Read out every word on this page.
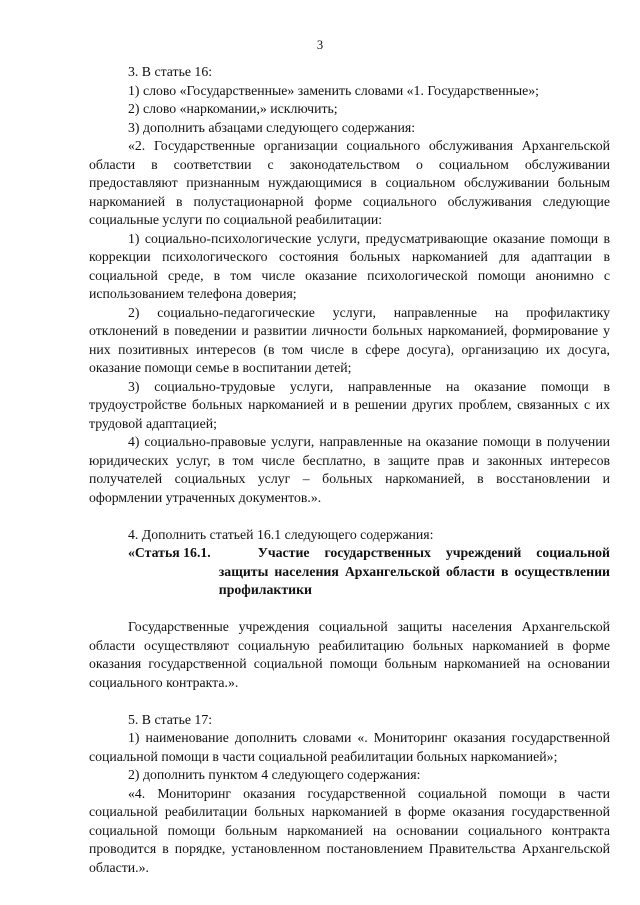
3

3. В статье 16:

1) слово «Государственные» заменить словами «1. Государственные»;

2) слово «наркомании,» исключить;

3) дополнить абзацами следующего содержания:

«2. Государственные организации социального обслуживания Архангельской области в соответствии с законодательством о социальном обслуживании предоставляют признанным нуждающимися в социальном обслуживании больным наркоманией в полустационарной форме социального обслуживания следующие социальные услуги по социальной реабилитации:

1) социально-психологические услуги, предусматривающие оказание помощи в коррекции психологического состояния больных наркоманией для адаптации в социальной среде, в том числе оказание психологической помощи анонимно с использованием телефона доверия;

2) социально-педагогические услуги, направленные на профилактику отклонений в поведении и развитии личности больных наркоманией, формирование у них позитивных интересов (в том числе в сфере досуга), организацию их досуга, оказание помощи семье в воспитании детей;

3) социально-трудовые услуги, направленные на оказание помощи в трудоустройстве больных наркоманией и в решении других проблем, связанных с их трудовой адаптацией;

4) социально-правовые услуги, направленные на оказание помощи в получении юридических услуг, в том числе бесплатно, в защите прав и законных интересов получателей социальных услуг – больных наркоманией, в восстановлении и оформлении утраченных документов.».

4. Дополнить статьей 16.1 следующего содержания:

«Статья 16.1.	Участие государственных учреждений социальной защиты населения Архангельской области в осуществлении профилактики

Государственные учреждения социальной защиты населения Архангельской области осуществляют социальную реабилитацию больных наркоманией в форме оказания государственной социальной помощи больным наркоманией на основании социального контракта.».

5. В статье 17:

1) наименование дополнить словами «. Мониторинг оказания государственной социальной помощи в части социальной реабилитации больных наркоманией»;

2) дополнить пунктом 4 следующего содержания:

«4. Мониторинг оказания государственной социальной помощи в части социальной реабилитации больных наркоманией в форме оказания государственной социальной помощи больным наркоманией на основании социального контракта проводится в порядке, установленном постановлением Правительства Архангельской области.».
